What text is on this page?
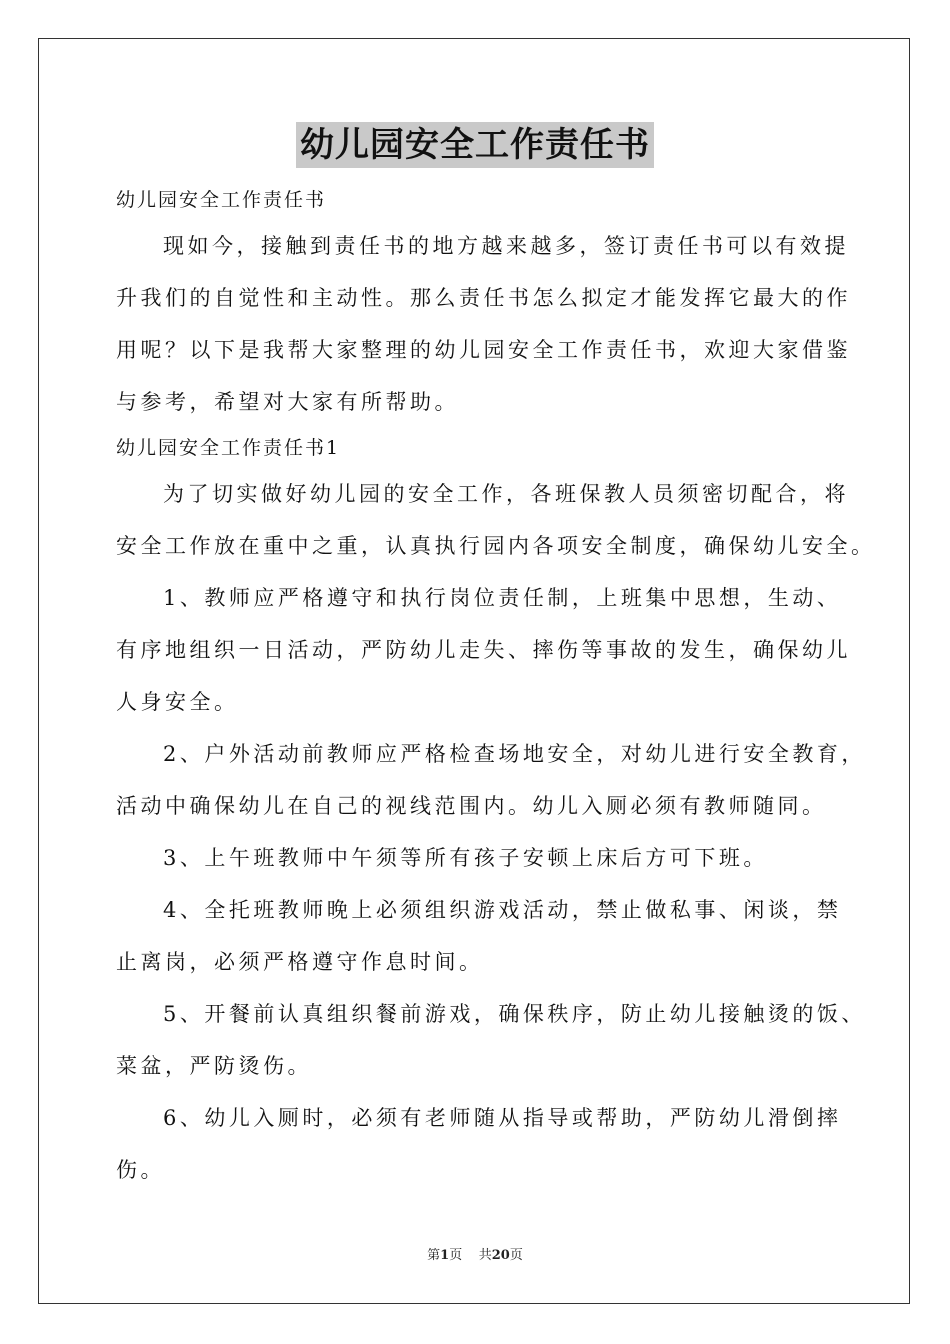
幼儿园安全工作责任书
幼儿园安全工作责任书
现如今，接触到责任书的地方越来越多，签订责任书可以有效提
升我们的自觉性和主动性。那么责任书怎么拟定才能发挥它最大的作
用呢？以下是我帮大家整理的幼儿园安全工作责任书，欢迎大家借鉴
与参考，希望对大家有所帮助。
幼儿园安全工作责任书1
为了切实做好幼儿园的安全工作，各班保教人员须密切配合，将
安全工作放在重中之重，认真执行园内各项安全制度，确保幼儿安全。
1、教师应严格遵守和执行岗位责任制，上班集中思想，生动、
有序地组织一日活动，严防幼儿走失、摔伤等事故的发生，确保幼儿
人身安全。
2、户外活动前教师应严格检查场地安全，对幼儿进行安全教育，
活动中确保幼儿在自己的视线范围内。幼儿入厕必须有教师随同。
3、上午班教师中午须等所有孩子安顿上床后方可下班。
4、全托班教师晚上必须组织游戏活动，禁止做私事、闲谈，禁
止离岗，必须严格遵守作息时间。
5、开餐前认真组织餐前游戏，确保秩序，防止幼儿接触烫的饭、
菜盆，严防烫伤。
6、幼儿入厕时，必须有老师随从指导或帮助，严防幼儿滑倒摔
伤。
第1页 共20页
